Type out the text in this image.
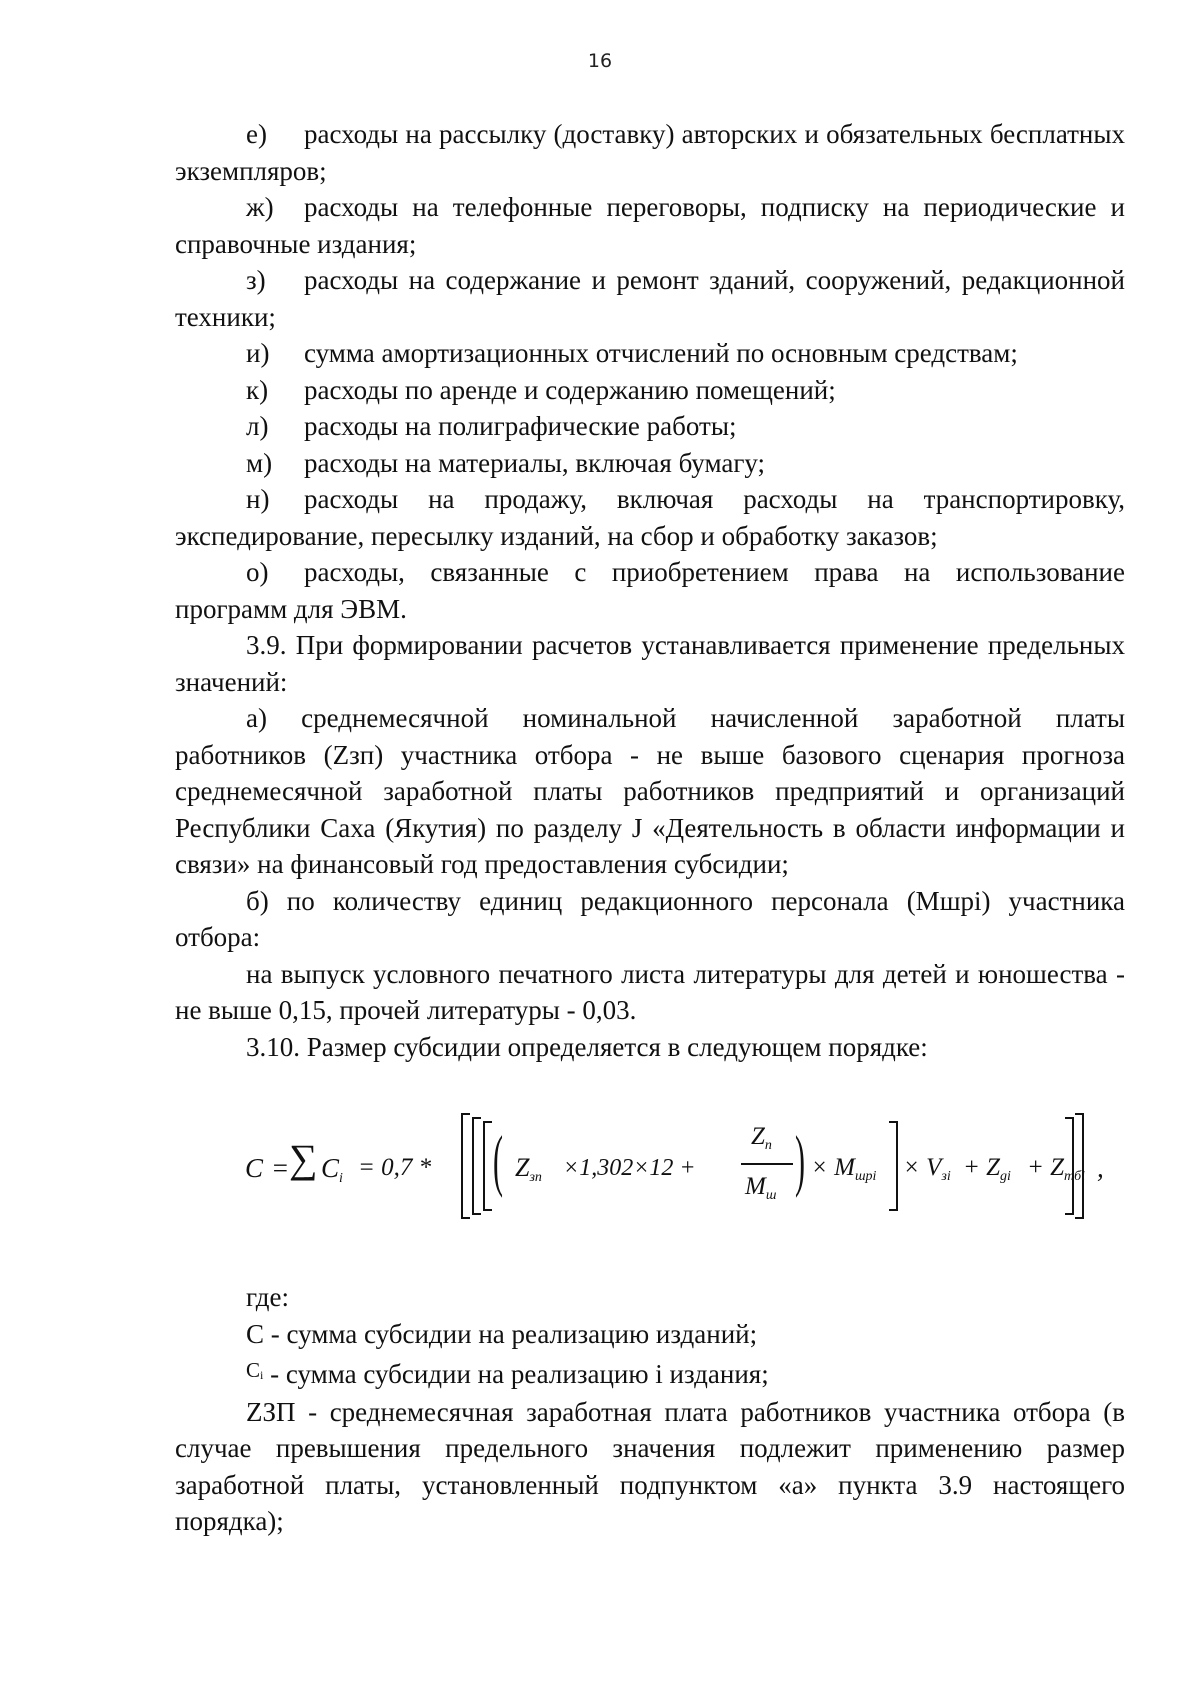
16

е) расходы на рассылку (доставку) авторских и обязательных бесплатных экземпляров;

ж) расходы на телефонные переговоры, подписку на периодические и справочные издания;

з) расходы на содержание и ремонт зданий, сооружений, редакционной техники;

и) сумма амортизационных отчислений по основным средствам;

к) расходы по аренде и содержанию помещений;

л) расходы на полиграфические работы;

м) расходы на материалы, включая бумагу;

н) расходы на продажу, включая расходы на транспортировку, экспедирование, пересылку изданий, на сбор и обработку заказов;

о) расходы, связанные с приобретением права на использование программ для ЭВМ.

3.9. При формировании расчетов устанавливается применение предельных значений:

а) среднемесячной номинальной начисленной заработной платы работников (Zзп) участника отбора - не выше базового сценария прогноза среднемесячной заработной платы работников предприятий и организаций Республики Саха (Якутия) по разделу J «Деятельность в области информации и связи» на финансовый год предоставления субсидии;

б) по количеству единиц редакционного персонала (Мшрi) участника отбора:

на выпуск условного печатного листа литературы для детей и юношества - не выше 0,15, прочей литературы - 0,03.

3.10. Размер субсидии определяется в следующем порядке:

C = ∑ $C_i = 0,7$ * ( $Z_{зп} \times 1,302\times 12$ +
$Z_n$
$M_ш$ ) × $M_{шрi} \times V_{зi} + Z_{gi} + Z_{тбi}$ ,

где:

C - сумма субсидии на реализацию изданий;

$^{Ci}$ - сумма субсидии на реализацию i издания;

ZЗП - среднемесячная заработная плата работников участника отбора (в случае превышения предельного значения подлежит применению размер заработной платы, установленный подпунктом «а» пункта 3.9 настоящего порядка);
